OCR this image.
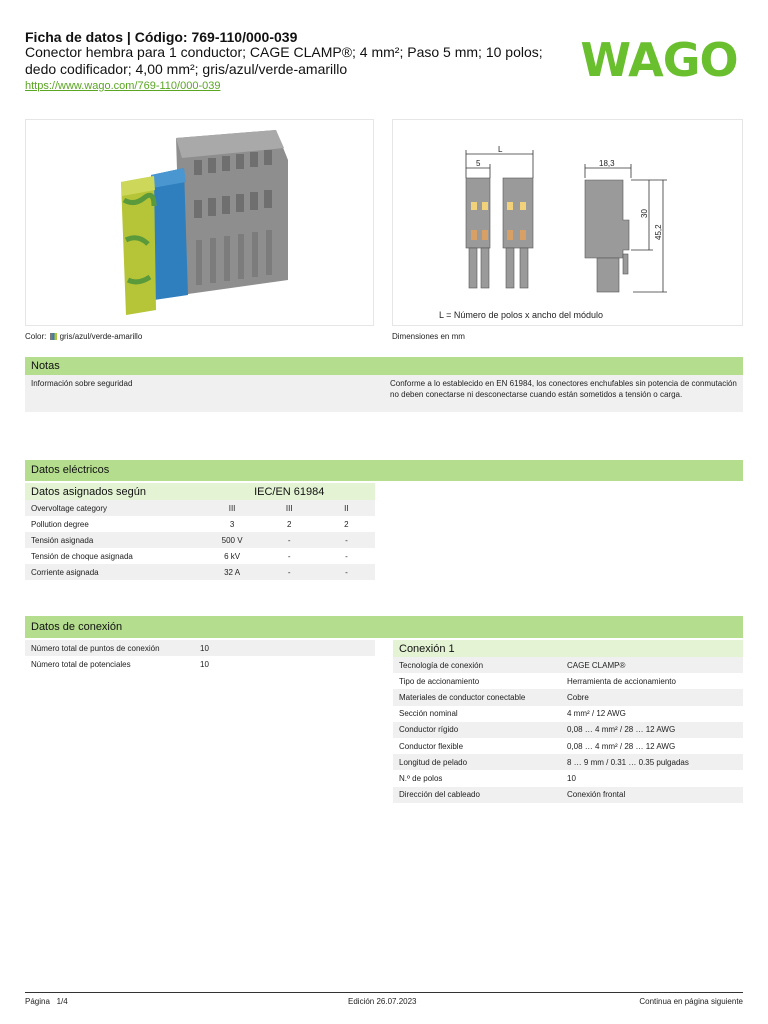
Ficha de datos | Código: 769-110/000-039
Conector hembra para 1 conductor; CAGE CLAMP®; 4 mm²; Paso 5 mm; 10 polos; dedo codificador; 4,00 mm²; gris/azul/verde-amarillo
https://www.wago.com/769-110/000-039	WAGO
Color: gris/azul/verde-amarillo
L
5	18,3
30
45,2
L = Número de polos x ancho del módulo
Dimensiones en mm
Notas
Información sobre seguridad	Conforme a lo establecido en EN 61984, los conectores enchufables sin potencia de conmutación no deben conectarse ni desconectarse cuando están sometidos a tensión o carga.
Datos eléctricos
Datos asignados según	IEC/EN 61984		
Overvoltage category	III	III	II
Pollution degree	3	2	2
Tensión asignada	500 V	-	-
Tensión de choque asignada	6 kV	-	-
Corriente asignada	32 A	-	-
Datos de conexión
Número total de puntos de conexión	10
Número total de potenciales	10
Conexión 1	
Tecnología de conexión	CAGE CLAMP®
Tipo de accionamiento	Herramienta de accionamiento
Materiales de conductor conectable	Cobre
Sección nominal	4 mm² / 12 AWG
Conductor rígido	0,08 … 4 mm² / 28 … 12 AWG
Conductor flexible	0,08 … 4 mm² / 28 … 12 AWG
Longitud de pelado	8 … 9 mm / 0.31 … 0.35 pulgadas
N.º de polos	10
Dirección del cableado	Conexión frontal
Página   1/4	Edición 26.07.2023	Continua en página siguiente
